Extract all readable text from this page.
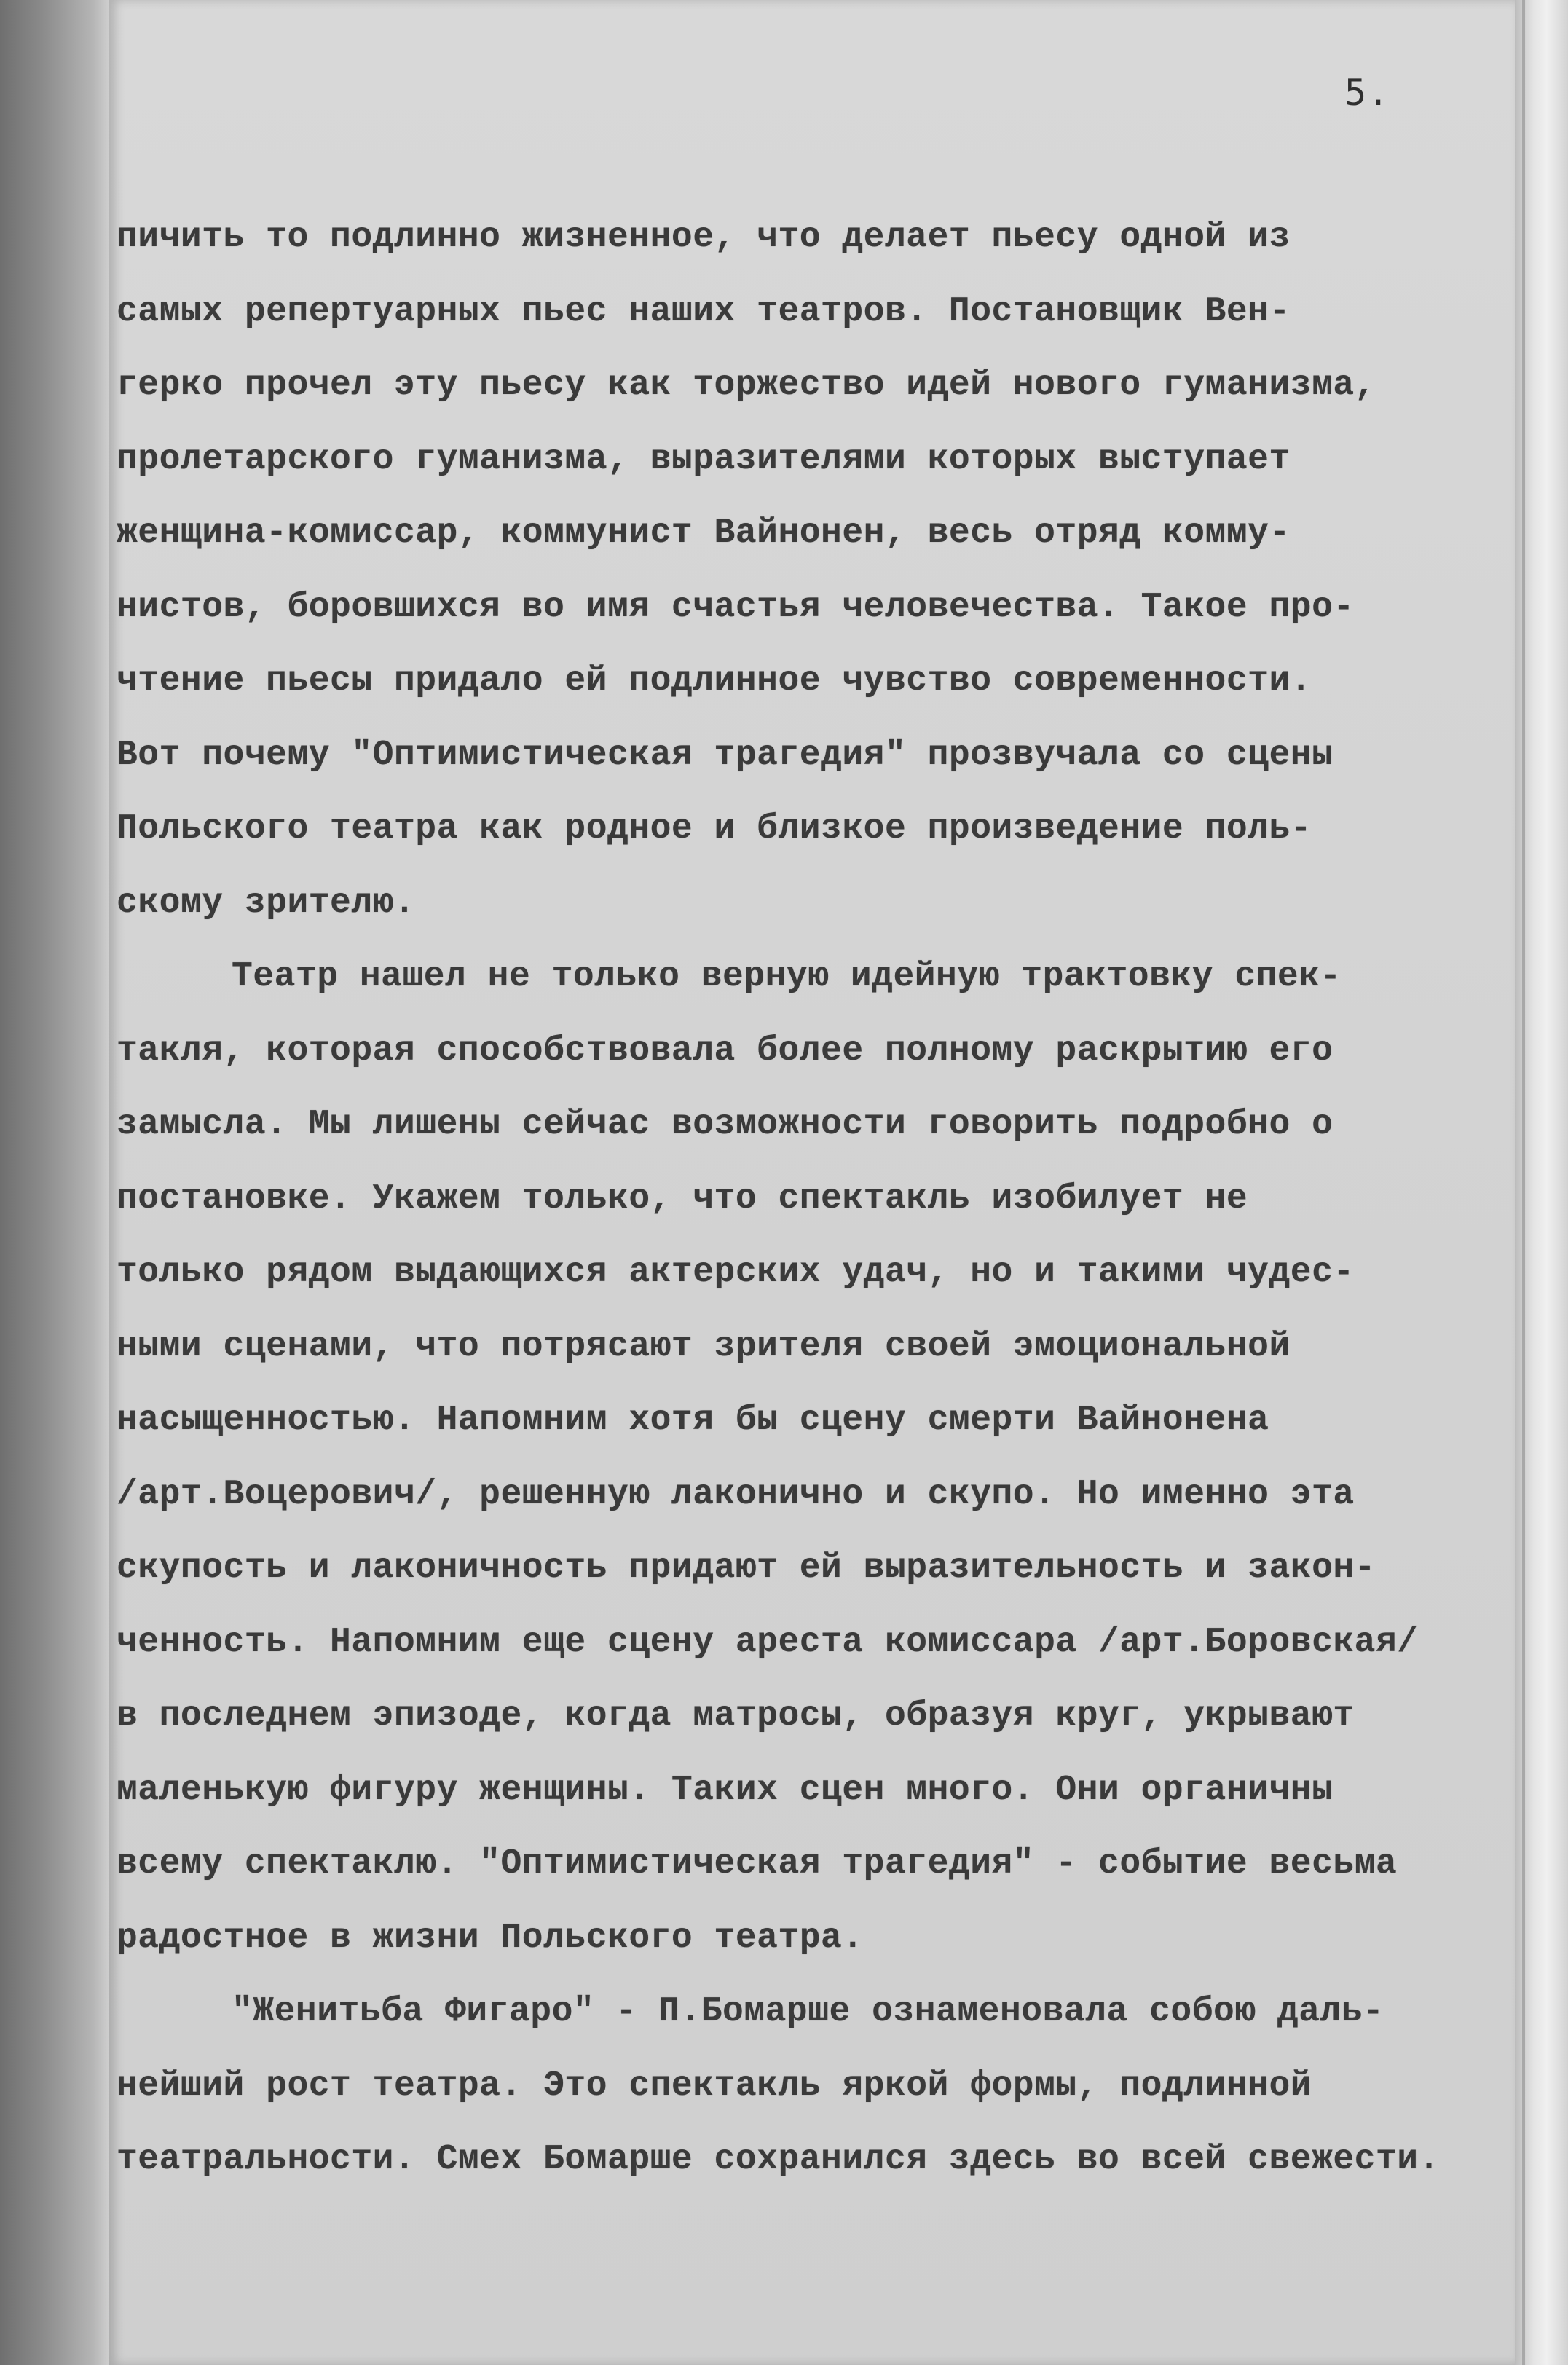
5.
пичить то подлинно жизненное, что делает пьесу одной из
самых репертуарных пьес наших театров. Постановщик Вен-
герко прочел эту пьесу как торжество идей нового гуманизма,
пролетарского гуманизма, выразителями которых выступает
женщина-комиссар, коммунист Вайнонен, весь отряд комму-
нистов, боровшихся во имя счастья человечества. Такое про-
чтение пьесы придало ей подлинное чувство современности.
Вот почему "Оптимистическая трагедия" прозвучала со сцены
Польского театра как родное и близкое произведение поль-
скому зрителю.
Театр нашел не только верную идейную трактовку спек-
такля, которая способствовала более полному раскрытию его
замысла. Мы лишены сейчас возможности говорить подробно о
постановке. Укажем только, что спектакль изобилует не
только рядом выдающихся актерских удач, но и такими чудес-
ными сценами, что потрясают зрителя своей эмоциональной
насыщенностью. Напомним хотя бы сцену смерти Вайнонена
/арт.Воцерович/, решенную лаконично и скупо. Но именно эта
скупость и лаконичность придают ей выразительность и закон-
ченность. Напомним еще сцену ареста комиссара /арт.Боровская/
в последнем эпизоде, когда матросы, образуя круг, укрывают
маленькую фигуру женщины. Таких сцен много. Они органичны
всему спектаклю. "Оптимистическая трагедия" - событие весьма
радостное в жизни Польского театра.
"Женитьба Фигаро" - П.Бомарше ознаменовала собою даль-
нейший рост театра. Это спектакль яркой формы, подлинной
театральности. Смех Бомарше сохранился здесь во всей свежести.
